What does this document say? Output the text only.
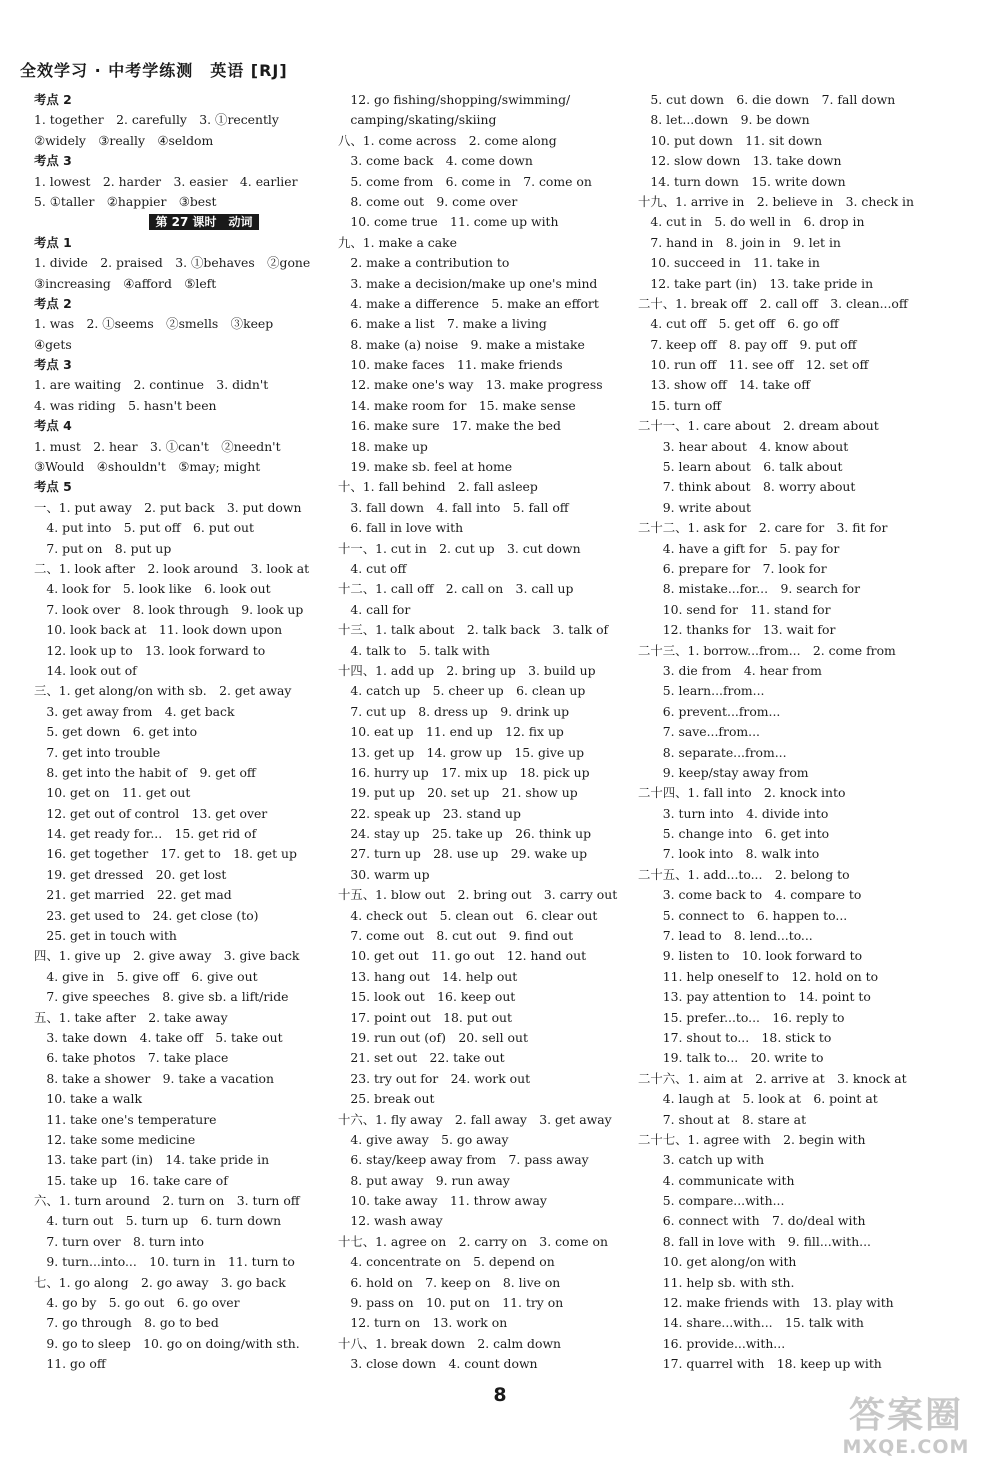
全效学习 · 中考学练测　英语 [RJ]
考点 2
1. together　2. carefully　3. ①recently
②widely　③really　④seldom
考点 3
1. lowest　2. harder　3. easier　4. earlier
5. ①taller　②happier　③best
第 27 课时　动词
考点 1
1. divide　2. praised　3. ①behaves　②gone
③increasing　④afford　⑤left
考点 2
1. was　2. ①seems　②smells　③keep
④gets
考点 3
1. are waiting　2. continue　3. didn't
4. was riding　5. hasn't been
考点 4
1. must　2. hear　3. ①can't　②needn't
③Would　④shouldn't　⑤may; might
考点 5
一、1. put away　2. put back　3. put down
　4. put into　5. put off　6. put out
　7. put on　8. put up
二、1. look after　2. look around　3. look at
　4. look for　5. look like　6. look out
　7. look over　8. look through　9. look up
　10. look back at　11. look down upon
　12. look up to　13. look forward to
　14. look out of
三、1. get along/on with sb.　2. get away
　3. get away from　4. get back
　5. get down　6. get into
　7. get into trouble
　8. get into the habit of　9. get off
　10. get on　11. get out
　12. get out of control　13. get over
　14. get ready for...　15. get rid of
　16. get together　17. get to　18. get up
　19. get dressed　20. get lost
　21. get married　22. get mad
　23. get used to　24. get close (to)
　25. get in touch with
四、1. give up　2. give away　3. give back
　4. give in　5. give off　6. give out
　7. give speeches　8. give sb. a lift/ride
五、1. take after　2. take away
　3. take down　4. take off　5. take out
　6. take photos　7. take place
　8. take a shower　9. take a vacation
　10. take a walk
　11. take one's temperature
　12. take some medicine
　13. take part (in)　14. take pride in
　15. take up　16. take care of
六、1. turn around　2. turn on　3. turn off
　4. turn out　5. turn up　6. turn down
　7. turn over　8. turn into
　9. turn...into...　10. turn in　11. turn to
七、1. go along　2. go away　3. go back
　4. go by　5. go out　6. go over
　7. go through　8. go to bed
　9. go to sleep　10. go on doing/with sth.
　11. go off
　12. go fishing/shopping/swimming/
　camping/skating/skiing
八、1. come across　2. come along
　3. come back　4. come down
　5. come from　6. come in　7. come on
　8. come out　9. come over
　10. come true　11. come up with
九、1. make a cake
　2. make a contribution to
　3. make a decision/make up one's mind
　4. make a difference　5. make an effort
　6. make a list　7. make a living
　8. make (a) noise　9. make a mistake
　10. make faces　11. make friends
　12. make one's way　13. make progress
　14. make room for　15. make sense
　16. make sure　17. make the bed
　18. make up
　19. make sb. feel at home
十、1. fall behind　2. fall asleep
　3. fall down　4. fall into　5. fall off
　6. fall in love with
十一、1. cut in　2. cut up　3. cut down
　4. cut off
十二、1. call off　2. call on　3. call up
　4. call for
十三、1. talk about　2. talk back　3. talk of
　4. talk to　5. talk with
十四、1. add up　2. bring up　3. build up
　4. catch up　5. cheer up　6. clean up
　7. cut up　8. dress up　9. drink up
　10. eat up　11. end up　12. fix up
　13. get up　14. grow up　15. give up
　16. hurry up　17. mix up　18. pick up
　19. put up　20. set up　21. show up
　22. speak up　23. stand up
　24. stay up　25. take up　26. think up
　27. turn up　28. use up　29. wake up
　30. warm up
十五、1. blow out　2. bring out　3. carry out
　4. check out　5. clean out　6. clear out
　7. come out　8. cut out　9. find out
　10. get out　11. go out　12. hand out
　13. hang out　14. help out
　15. look out　16. keep out
　17. point out　18. put out
　19. run out (of)　20. sell out
　21. set out　22. take out
　23. try out for　24. work out
　25. break out
十六、1. fly away　2. fall away　3. get away
　4. give away　5. go away
　6. stay/keep away from　7. pass away
　8. put away　9. run away
　10. take away　11. throw away
　12. wash away
十七、1. agree on　2. carry on　3. come on
　4. concentrate on　5. depend on
　6. hold on　7. keep on　8. live on
　9. pass on　10. put on　11. try on
　12. turn on　13. work on
十八、1. break down　2. calm down
　3. close down　4. count down
　5. cut down　6. die down　7. fall down
　8. let...down　9. be down
　10. put down　11. sit down
　12. slow down　13. take down
　14. turn down　15. write down
十九、1. arrive in　2. believe in　3. check in
　4. cut in　5. do well in　6. drop in
　7. hand in　8. join in　9. let in
　10. succeed in　11. take in
　12. take part (in)　13. take pride in
二十、1. break off　2. call off　3. clean...off
　4. cut off　5. get off　6. go off
　7. keep off　8. pay off　9. put off
　10. run off　11. see off　12. set off
　13. show off　14. take off
　15. turn off
二十一、1. care about　2. dream about
　　3. hear about　4. know about
　　5. learn about　6. talk about
　　7. think about　8. worry about
　　9. write about
二十二、1. ask for　2. care for　3. fit for
　　4. have a gift for　5. pay for
　　6. prepare for　7. look for
　　8. mistake...for...　9. search for
　　10. send for　11. stand for
　　12. thanks for　13. wait for
二十三、1. borrow...from...　2. come from
　　3. die from　4. hear from
　　5. learn...from...
　　6. prevent...from...
　　7. save...from...
　　8. separate...from...
　　9. keep/stay away from
二十四、1. fall into　2. knock into
　　3. turn into　4. divide into
　　5. change into　6. get into
　　7. look into　8. walk into
二十五、1. add...to...　2. belong to
　　3. come back to　4. compare to
　　5. connect to　6. happen to...
　　7. lead to　8. lend...to...
　　9. listen to　10. look forward to
　　11. help oneself to　12. hold on to
　　13. pay attention to　14. point to
　　15. prefer...to...　16. reply to
　　17. shout to...　18. stick to
　　19. talk to...　20. write to
二十六、1. aim at　2. arrive at　3. knock at
　　4. laugh at　5. look at　6. point at
　　7. shout at　8. stare at
二十七、1. agree with　2. begin with
　　3. catch up with
　　4. communicate with
　　5. compare...with...
　　6. connect with　7. do/deal with
　　8. fall in love with　9. fill...with...
　　10. get along/on with
　　11. help sb. with sth.
　　12. make friends with　13. play with
　　14. share...with...　15. talk with
　　16. provide...with...
　　17. quarrel with　18. keep up with
8	答案圈
MXQE.COM
